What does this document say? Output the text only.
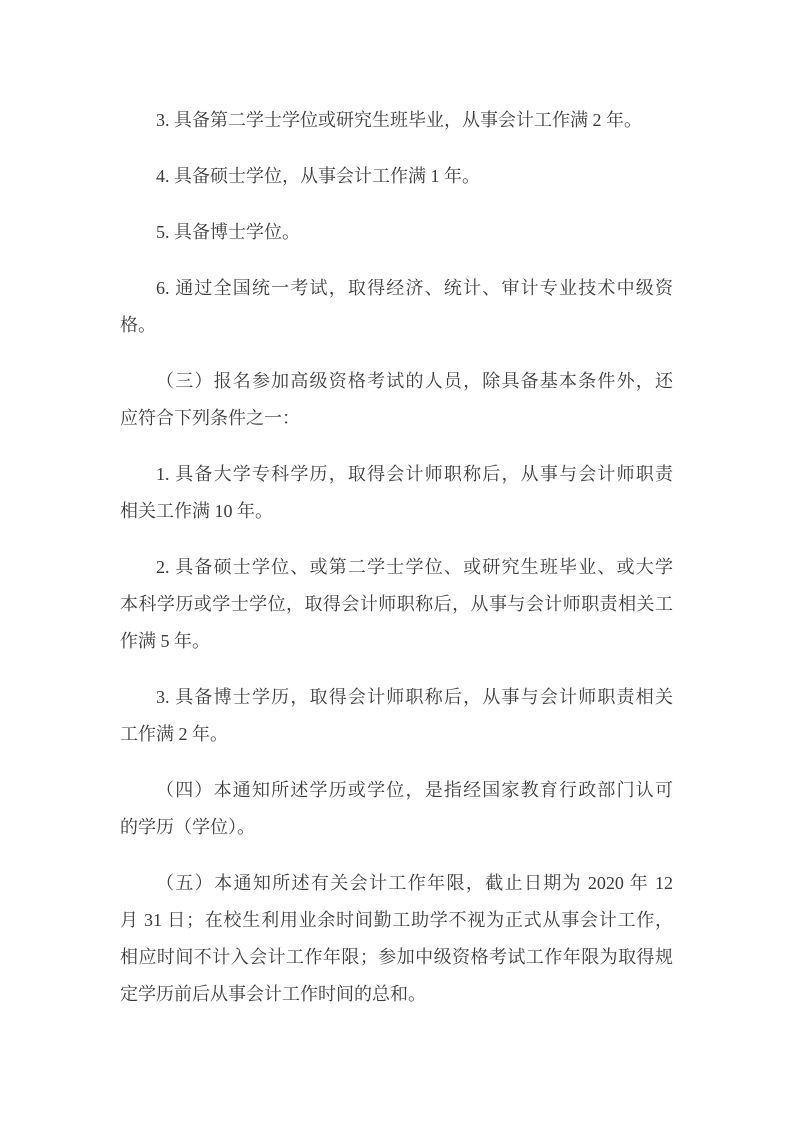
3. 具备第二学士学位或研究生班毕业，从事会计工作满 2 年。
4. 具备硕士学位，从事会计工作满 1 年。
5. 具备博士学位。
6. 通过全国统一考试，取得经济、统计、审计专业技术中级资
格。
（三）报名参加高级资格考试的人员，除具备基本条件外，还
应符合下列条件之一：
1. 具备大学专科学历，取得会计师职称后，从事与会计师职责
相关工作满 10 年。
2. 具备硕士学位、或第二学士学位、或研究生班毕业、或大学
本科学历或学士学位，取得会计师职称后，从事与会计师职责相关工
作满 5 年。
3. 具备博士学历，取得会计师职称后，从事与会计师职责相关
工作满 2 年。
（四）本通知所述学历或学位，是指经国家教育行政部门认可
的学历（学位）。
（五）本通知所述有关会计工作年限，截止日期为 2020 年 12
月 31 日；在校生利用业余时间勤工助学不视为正式从事会计工作，
相应时间不计入会计工作年限；参加中级资格考试工作年限为取得规
定学历前后从事会计工作时间的总和。
